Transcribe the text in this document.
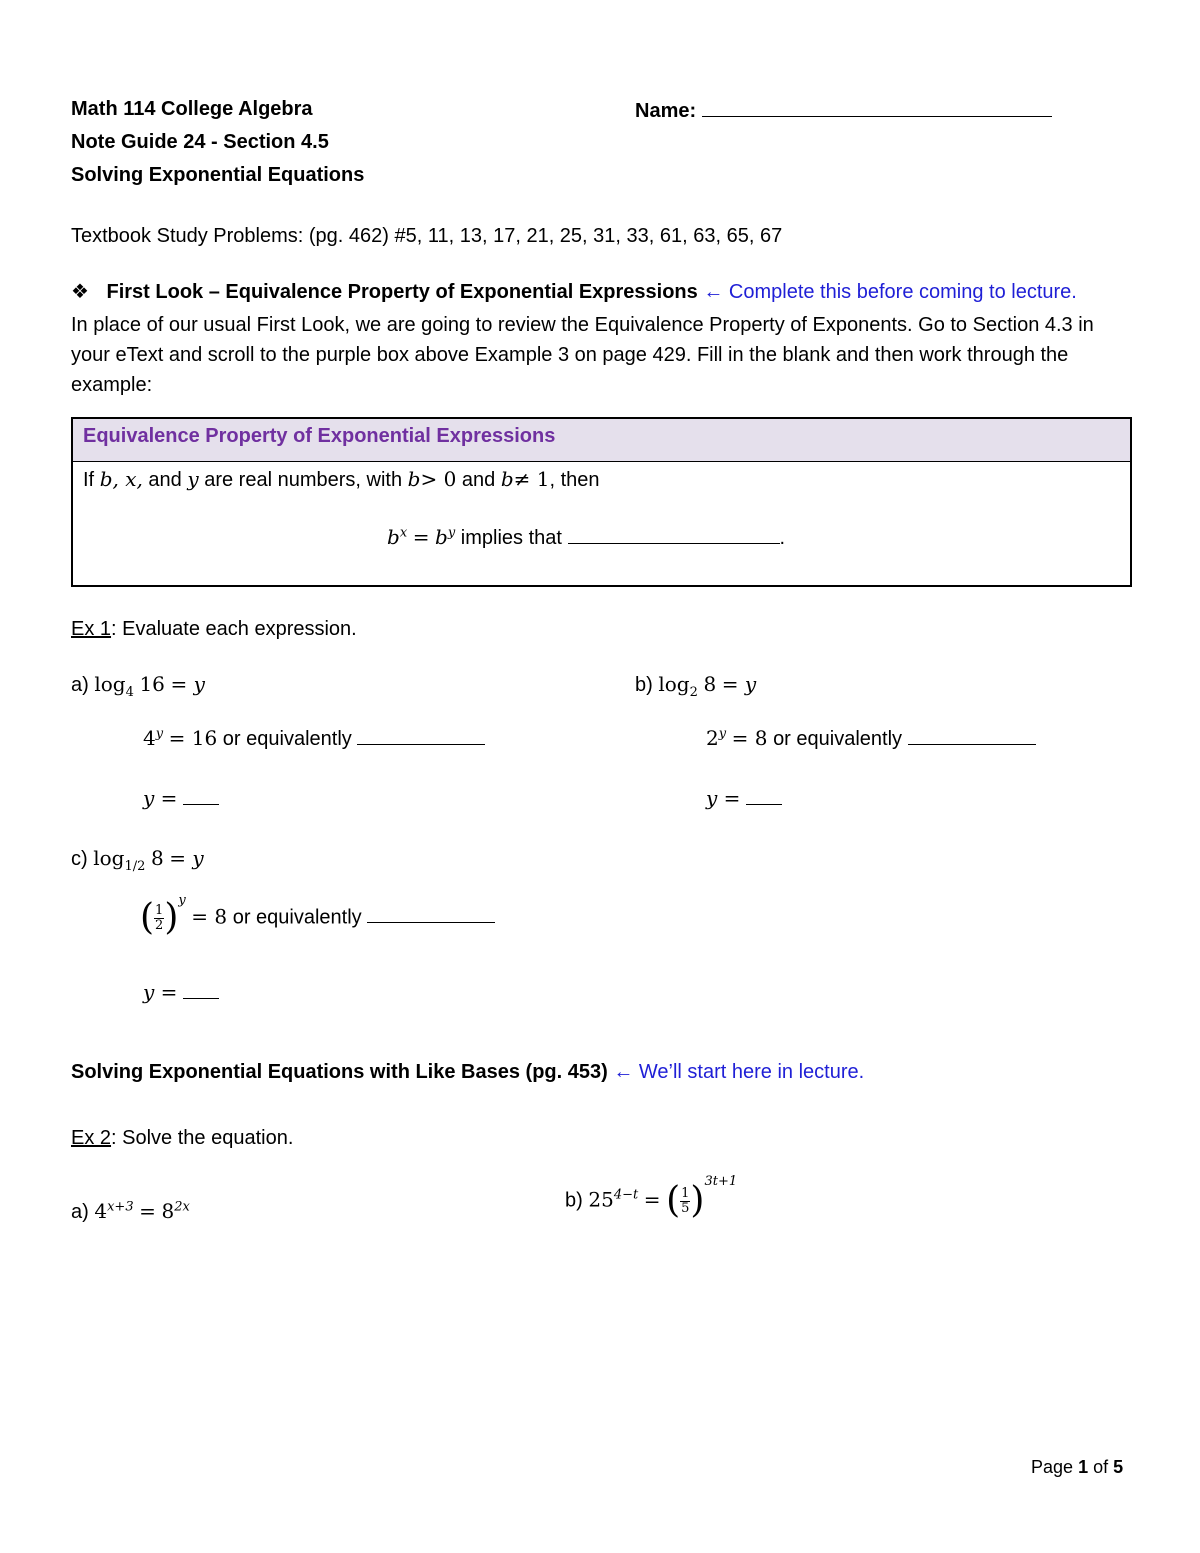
Math 114 College Algebra
Note Guide 24 - Section 4.5
Solving Exponential Equations
Name:
Textbook Study Problems: (pg. 462) #5, 11, 13, 17, 21, 25, 31, 33, 61, 63, 65, 67
❖ First Look – Equivalence Property of Exponential Expressions ← Complete this before coming to lecture.
In place of our usual First Look, we are going to review the Equivalence Property of Exponents. Go to Section 4.3 in your eText and scroll to the purple box above Example 3 on page 429. Fill in the blank and then work through the example:
Equivalence Property of Exponential Expressions
If b, x, and y are real numbers, with b> 0 and b≠ 1, then
$b^x = b^y$ implies that	.
Ex 1: Evaluate each expression.
a) $\log_4 16 = y$
$4^y = 16$ or equivalently
y =
b) $\log_2 8 = y$
$2^y = 8$ or equivalently
y =
c) $\log_{1/2} 8 = y$
( $\frac{1}{2} )^y = 8$ or equivalently
y =
Solving Exponential Equations with Like Bases (pg. 453) ← We’ll start here in lecture.
Ex 2: Solve the equation.
a) $4^{x+3} = 8^{2x}$	b) $25^{4-t}$ = ( $\frac{1}{5} )^{3t+1}$
Page 1 of 5
